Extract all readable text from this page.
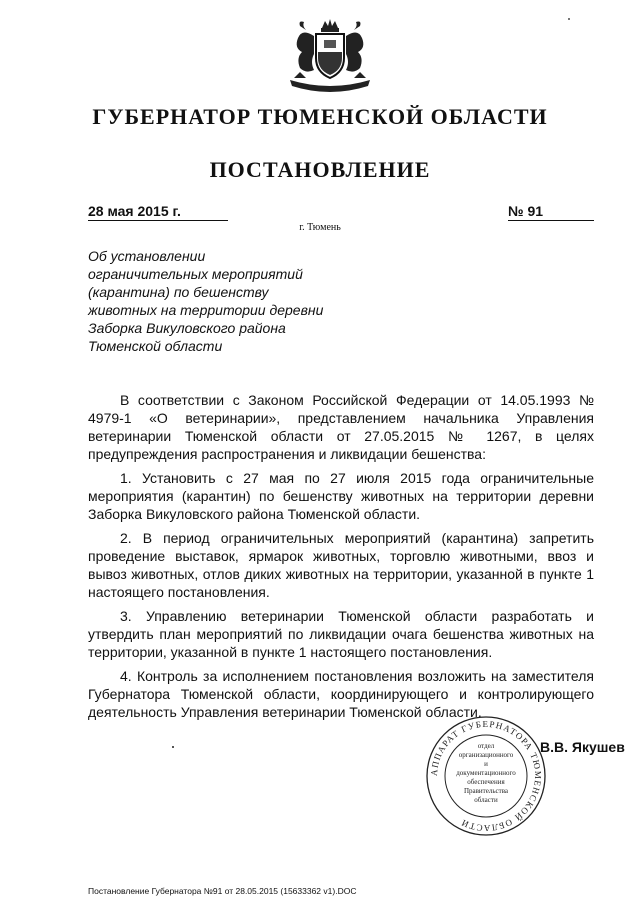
ГУБЕРНАТОР ТЮМЕНСКОЙ ОБЛАСТИ
ПОСТАНОВЛЕНИЕ
28 мая 2015 г.	№ 91
г. Тюмень
Об установлении
ограничительных мероприятий
(карантина) по бешенству
животных на территории деревни
Заборка Викуловского района
Тюменской области

В соответствии с Законом Российской Федерации от 14.05.1993 № 4979-1 «О ветеринарии», представлением начальника Управления ветеринарии Тюменской области от 27.05.2015 № 1267, в целях предупреждения распространения и ликвидации бешенства:

1. Установить с 27 мая по 27 июля 2015 года ограничительные мероприятия (карантин) по бешенству животных на территории деревни Заборка Викуловского района Тюменской области.

2. В период ограничительных мероприятий (карантина) запретить проведение выставок, ярмарок животных, торговлю животными, ввоз и вывоз животных, отлов диких животных на территории, указанной в пункте 1 настоящего постановления.

3. Управлению ветеринарии Тюменской области разработать и утвердить план мероприятий по ликвидации очага бешенства животных на территории, указанной в пункте 1 настоящего постановления.

4. Контроль за исполнением постановления возложить на заместителя Губернатора Тюменской области, координирующего и контролирующего деятельность Управления ветеринарии Тюменской области.

В.В. Якушев
АППАРАТ ГУБЕРНАТОРА ТЮМЕНСКОЙ ОБЛАСТИ
отдел
организационного
и
документационного
обеспечения
Правительства
области
Постановление Губернатора №91 от 28.05.2015 (15633362 v1).DOC
